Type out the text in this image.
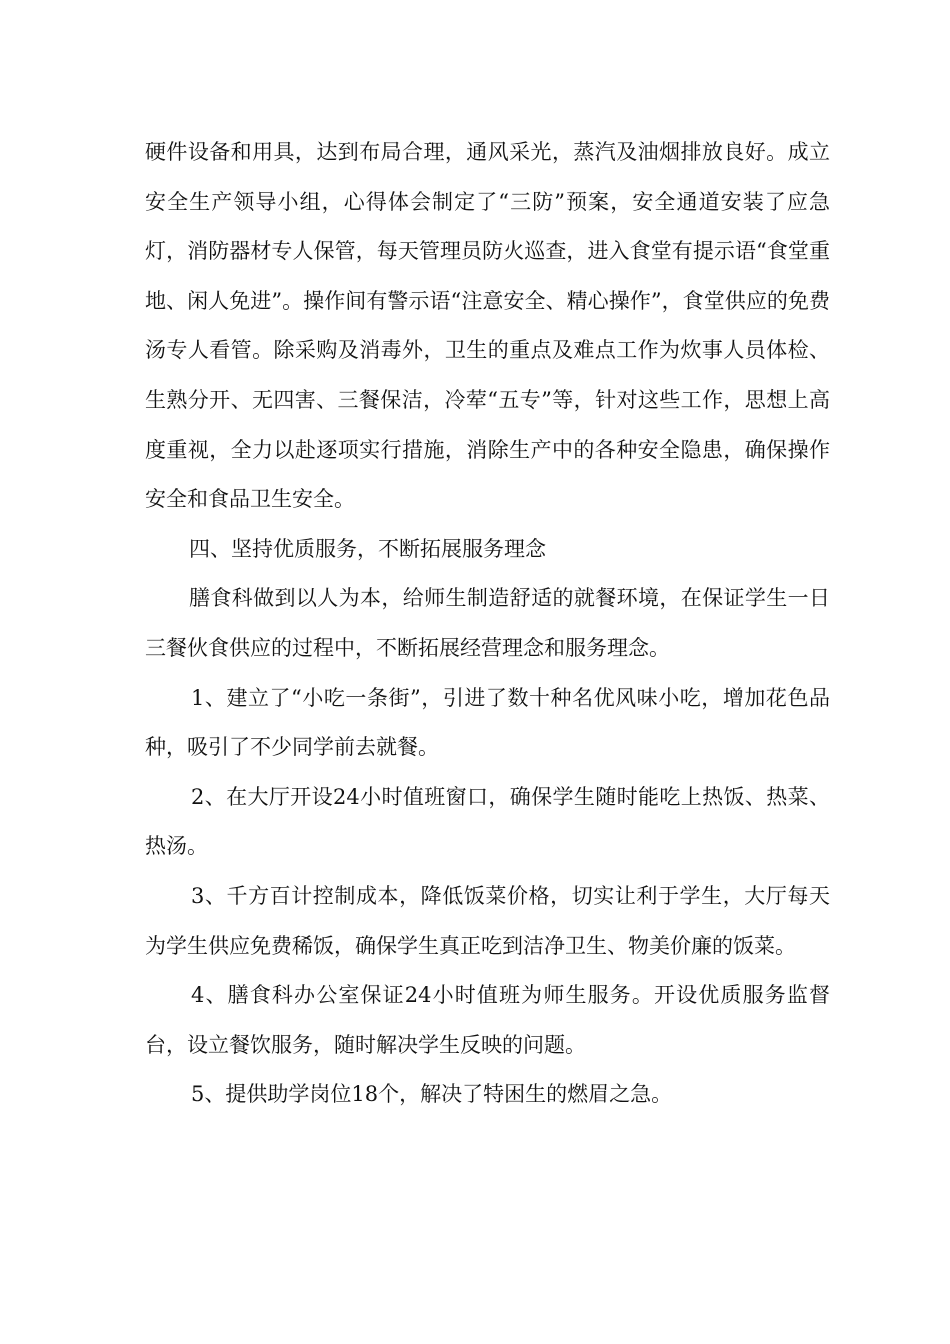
硬件设备和用具，达到布局合理，通风采光，蒸汽及油烟排放良好。成立安全生产领导小组，心得体会制定了“三防”预案，安全通道安装了应急灯，消防器材专人保管，每天管理员防火巡查，进入食堂有提示语“食堂重地、闲人免进”。操作间有警示语“注意安全、精心操作”，食堂供应的免费汤专人看管。除采购及消毒外，卫生的重点及难点工作为炊事人员体检、生熟分开、无四害、三餐保洁，冷荤“五专”等，针对这些工作，思想上高度重视，全力以赴逐项实行措施，消除生产中的各种安全隐患，确保操作安全和食品卫生安全。

四、坚持优质服务，不断拓展服务理念

膳食科做到以人为本，给师生制造舒适的就餐环境，在保证学生一日三餐伙食供应的过程中，不断拓展经营理念和服务理念。

1、建立了“小吃一条街”，引进了数十种名优风味小吃，增加花色品种，吸引了不少同学前去就餐。

2、在大厅开设24小时值班窗口，确保学生随时能吃上热饭、热菜、热汤。

3、千方百计控制成本，降低饭菜价格，切实让利于学生，大厅每天为学生供应免费稀饭，确保学生真正吃到洁净卫生、物美价廉的饭菜。

4、膳食科办公室保证24小时值班为师生服务。开设优质服务监督台，设立餐饮服务，随时解决学生反映的问题。

5、提供助学岗位18个，解决了特困生的燃眉之急。
